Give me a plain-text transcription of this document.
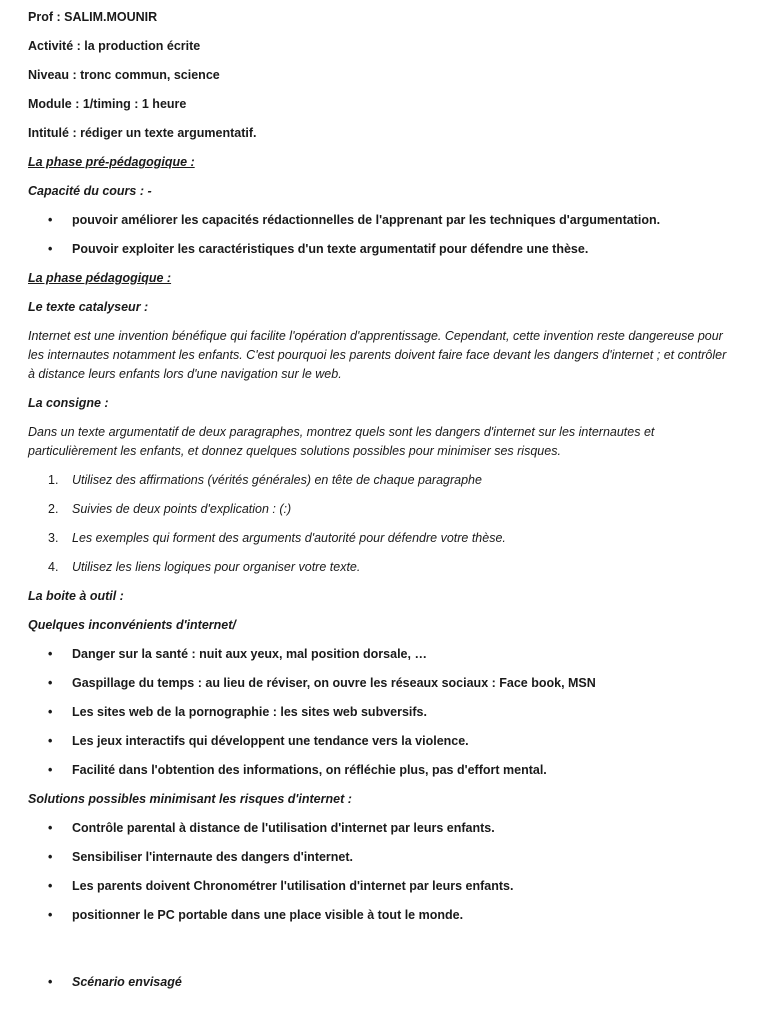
Prof : SALIM.MOUNIR

Activité : la production écrite

Niveau : tronc commun, science

Module : 1/timing : 1 heure

Intitulé : rédiger un texte argumentatif.

La phase pré-pédagogique :

Capacité du cours : -

• pouvoir améliorer les capacités rédactionnelles de l'apprenant par les techniques d'argumentation.
• Pouvoir exploiter les caractéristiques d'un texte argumentatif pour défendre une thèse.

La phase pédagogique :

Le texte catalyseur :

Internet est une invention bénéfique qui facilite l'opération d'apprentissage. Cependant, cette invention reste dangereuse pour les internautes notamment les enfants. C'est pourquoi les parents doivent faire face devant les dangers d'internet ; et contrôler à distance leurs enfants lors d'une navigation sur le web.

La consigne :

Dans un texte argumentatif de deux paragraphes, montrez quels sont les dangers d'internet sur les internautes et particulièrement les enfants, et donnez quelques solutions possibles pour minimiser ses risques.

1. Utilisez des affirmations (vérités générales) en tête de chaque paragraphe
2. Suivies de deux points d'explication : (:)
3. Les exemples qui forment des arguments d'autorité pour défendre votre thèse.
4. Utilisez les liens logiques pour organiser votre texte.

La boite à outil :

Quelques inconvénients d'internet/

• Danger sur la santé : nuit aux yeux, mal position dorsale, …
• Gaspillage du temps : au lieu de réviser, on ouvre les réseaux sociaux : Face book, MSN
• Les sites web de la pornographie : les sites web subversifs.
• Les jeux interactifs qui développent une tendance vers la violence.
• Facilité dans l'obtention des informations, on réfléchie plus, pas d'effort mental.

Solutions possibles minimisant les risques d'internet :

• Contrôle parental à distance de l'utilisation d'internet par leurs enfants.
• Sensibiliser l'internaute des dangers d'internet.
• Les parents doivent Chronométrer l'utilisation d'internet par leurs enfants.
• positionner le PC portable dans une place visible à tout le monde.
• Scénario envisagé
